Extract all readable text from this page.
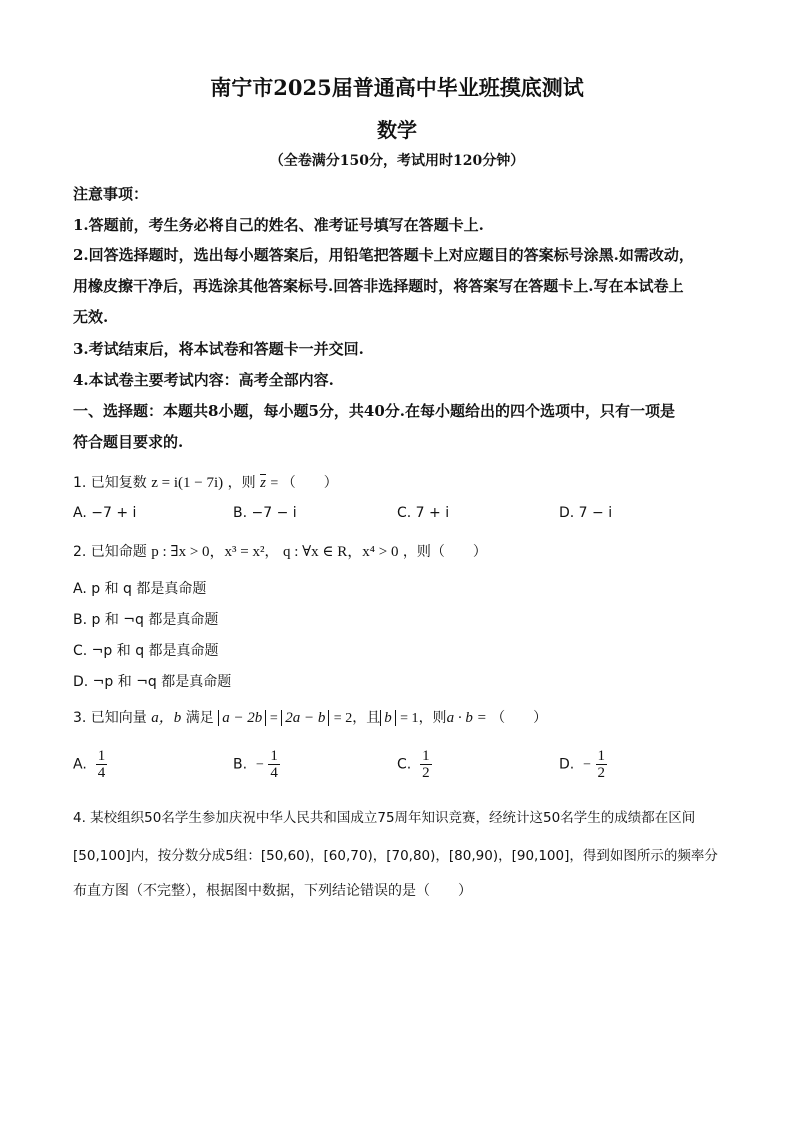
南宁市2025届普通高中毕业班摸底测试
数学
（全卷满分150分，考试用时120分钟）
注意事项：
1.答题前，考生务必将自己的姓名、准考证号填写在答题卡上.
2.回答选择题时，选出每小题答案后，用铅笔把答题卡上对应题目的答案标号涂黑.如需改动，
用橡皮擦干净后，再选涂其他答案标号.回答非选择题时，将答案写在答题卡上.写在本试卷上
无效.
3.考试结束后，将本试卷和答题卡一并交回.
4.本试卷主要考试内容：高考全部内容.
一、选择题：本题共8小题，每小题5分，共40分.在每小题给出的四个选项中，只有一项是
符合题目要求的.
1. 已知复数 z = i(1 − 7i) ，则 z = （　　）
A. −7 + i	B. −7 − i	C. 7 + i	D. 7 − i
2. 已知命题 p : ∃x > 0，x³ = x²， q : ∀x ∈ R，x⁴ > 0 ，则（　　）
A. p 和 q 都是真命题
B. p 和 ¬q 都是真命题
C. ¬p 和 q 都是真命题
D. ¬p 和 ¬q 都是真命题
3. 已知向量 a，b 满足 a − 2b = 2a − b = 2，且 b = 1，则a · b = （　　）
A. $\frac{1}{4}$	B. − $\frac{1}{4}$	C. $\frac{1}{2}$	D. − $\frac{1}{2}$
4. 某校组织50名学生参加庆祝中华人民共和国成立75周年知识竞赛，经统计这50名学生的成绩都在区间
[50,100]内，按分数分成5组：[50,60)，[60,70)，[70,80)，[80,90)，[90,100]，得到如图所示的频率分
布直方图（不完整），根据图中数据，下列结论错误的是（　　）
